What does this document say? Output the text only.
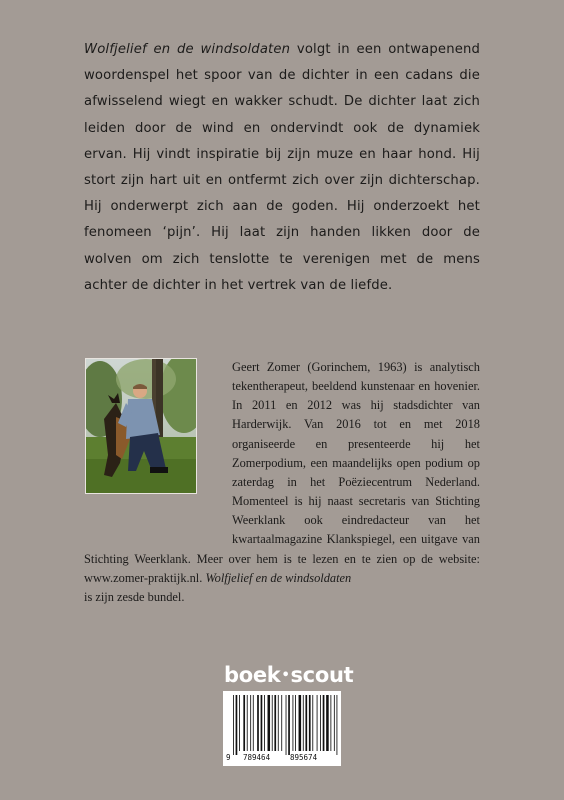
Wolfjelief en de windsoldaten volgt in een ontwapenend woordenspel het spoor van de dichter in een cadans die afwisselend wiegt en wakker schudt. De dichter laat zich leiden door de wind en ondervindt ook de dynamiek ervan. Hij vindt inspiratie bij zijn muze en haar hond. Hij stort zijn hart uit en ontfermt zich over zijn dichterschap. Hij onderwerpt zich aan de goden. Hij onderzoekt het fenomeen ‘pijn’. Hij laat zijn handen likken door de wolven om zich tenslotte te verenigen met de mens achter de dichter in het vertrek van de liefde.

Geert Zomer (Gorinchem, 1963) is analytisch tekentherapeut, beeldend kunstenaar en hovenier. In 2011 en 2012 was hij stadsdichter van Harderwijk. Van 2016 tot en met 2018 organiseerde en presenteerde hij het Zomerpodium, een maandelijks open podium op zaterdag in het Poëziecentrum Nederland. Momenteel is hij naast secretaris van Stichting Weerklank ook eindredacteur van het kwartaalmagazine Klankspiegel, een uitgave van Stichting Weerklank. Meer over hem is te lezen en te zien op de website: www.zomer-praktijk.nl. Wolfjelief en de windsoldaten
is zijn zesde bundel.

boek•scout
9 789464	895674
